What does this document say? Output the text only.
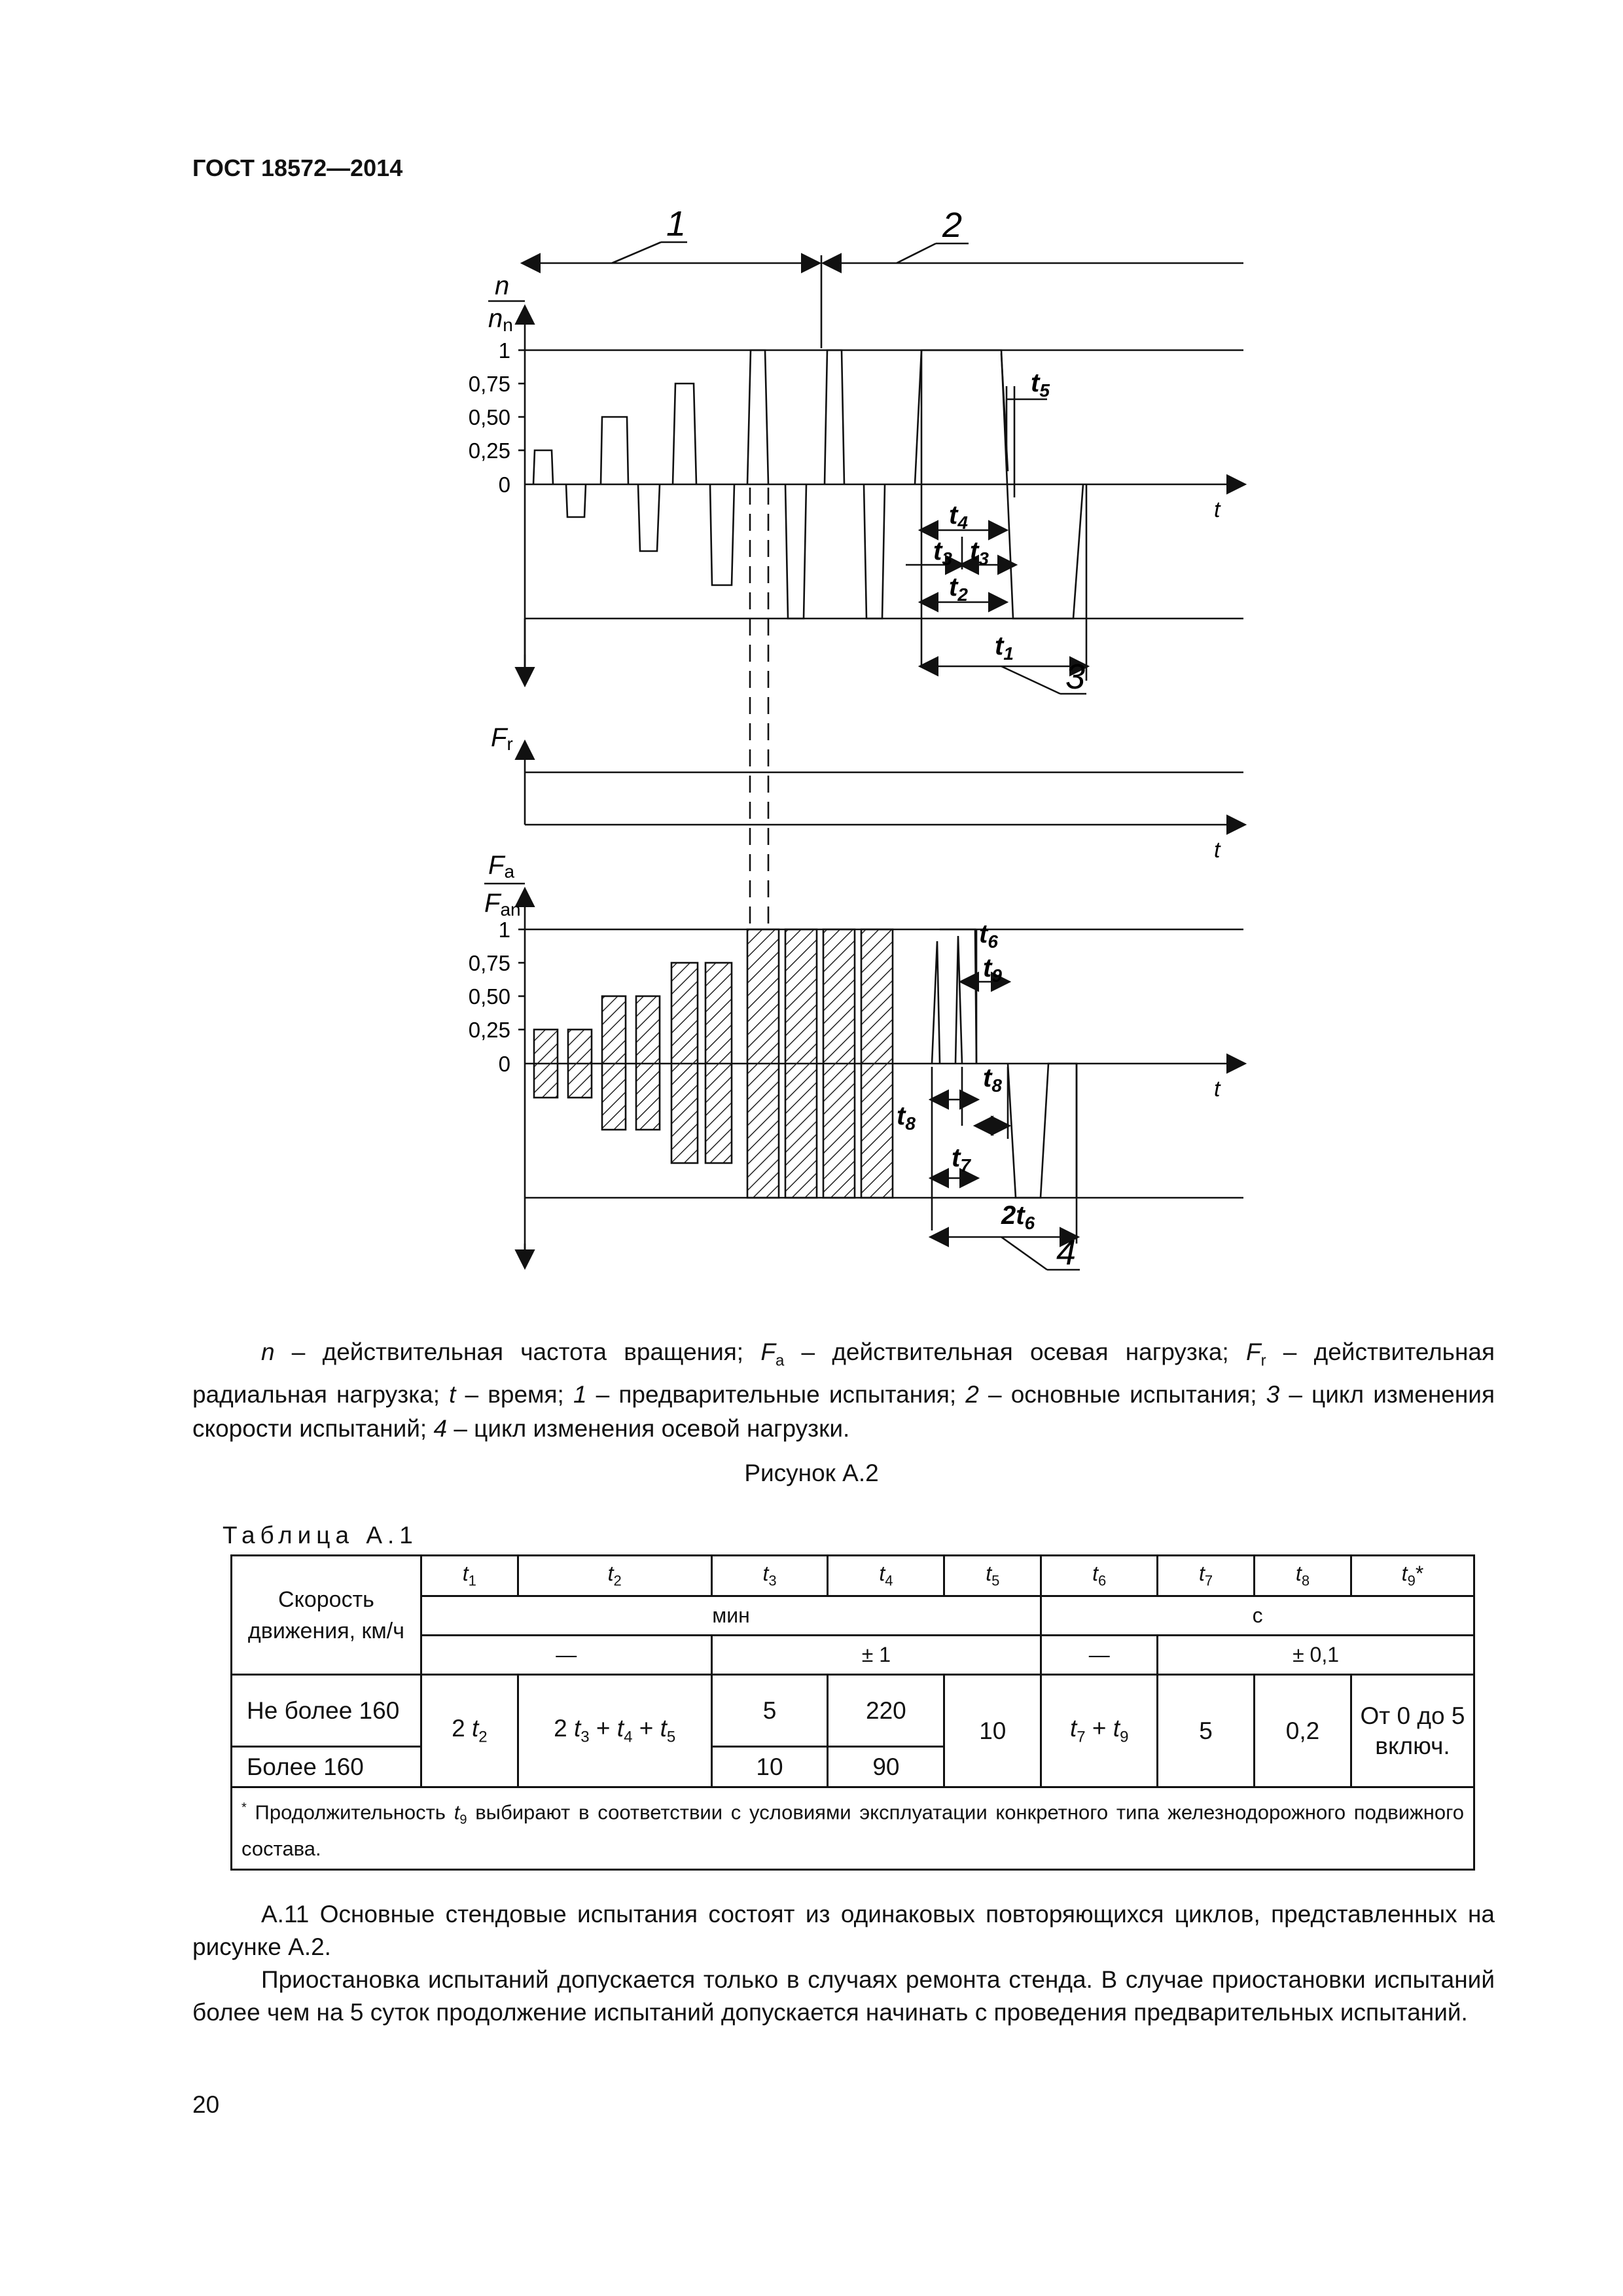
ГОСТ 18572—2014
1	2
3
4
n
nn
1
0,75
0,50
0,25
0
t
$t_5$
$t_4$
$t_3$ $t_3$
$t_2$
$t_1$
Fr
t
Fa
Fan
1
0,75
0,50
0,25
0
t
$t_6$
$t_9$
$t_8$
$t_8$
$t_7$
$2t_6$
n – действительная частота вращения; $F_a$ – действительная осевая нагрузка; $F_r$ – действительная радиальная нагрузка; t – время; 1 – предварительные испытания; 2 – основные испытания; 3 – цикл изменения скорости испытаний; 4 – цикл изменения осевой нагрузки.
Рисунок А.2
Таблица А.1
Скорость движения, км/ч	$t_1$	$t_2$	$t_3$	$t_4$	$t_5$	$t_6$	$t_7$	$t_8$	$t_9*$
	мин					с			
	—		± 1			—	± 0,1		
Не более 160	2 $t_2$	2 $t_3 + t_4 + t_5$	5	220	10	$t_7 + t_9$	5	0,2	От 0 до 5 включ.
Более 160			10	90					
* Продолжительность $t_9$ выбирают в соответствии с условиями эксплуатации конкретного типа железнодорожного подвижного состава.									
А.11 Основные стендовые испытания состоят из одинаковых повторяющихся циклов, представленных на рисунке А.2.
Приостановка испытаний допускается только в случаях ремонта стенда. В случае приостановки испытаний более чем на 5 суток продолжение испытаний допускается начинать с проведения предварительных испытаний.
20
